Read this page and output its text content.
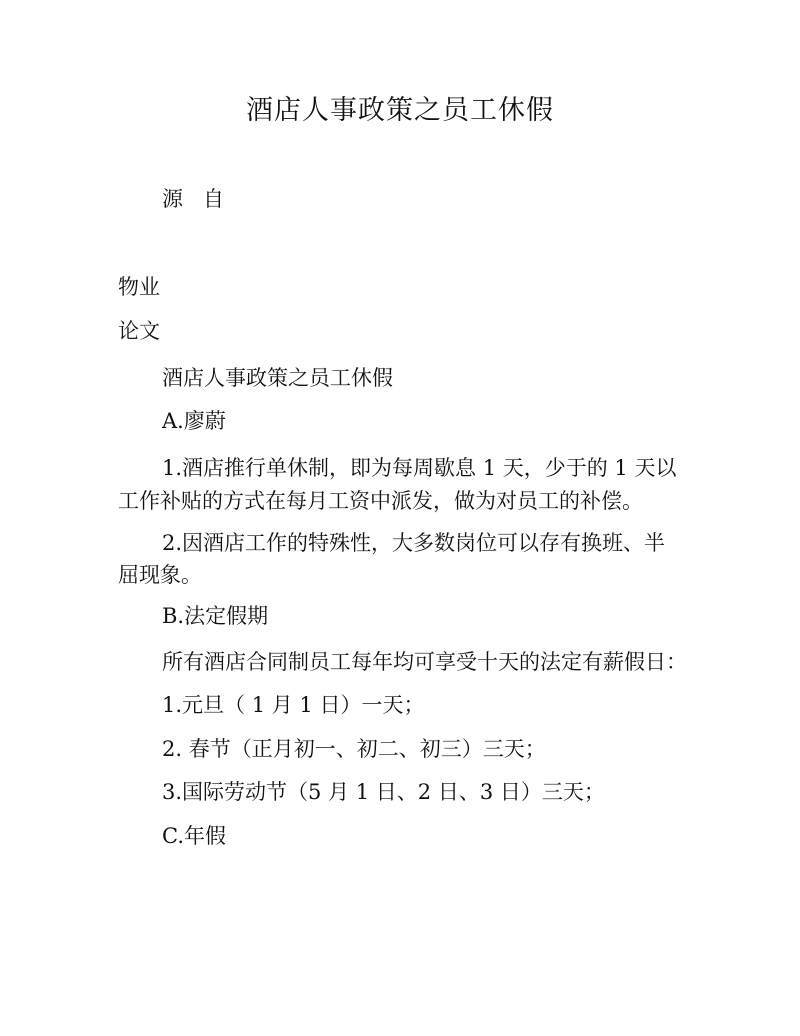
酒店人事政策之员工休假
源 自
物业
论文
酒店人事政策之员工休假
A.廖蔚
1.酒店推行单休制，即为每周歇息 1 天，少于的 1 天以
工作补贴的方式在每月工资中派发，做为对员工的补偿。
2.因酒店工作的特殊性，大多数岗位可以存有换班、半
屈现象。
B.法定假期
所有酒店合同制员工每年均可享受十天的法定有薪假日：
1.元旦（ 1 月 1 日）一天；
2. 春节（正月初一、初二、初三）三天；
3.国际劳动节（5 月 1 日、2 日、3 日）三天；
C.年假
